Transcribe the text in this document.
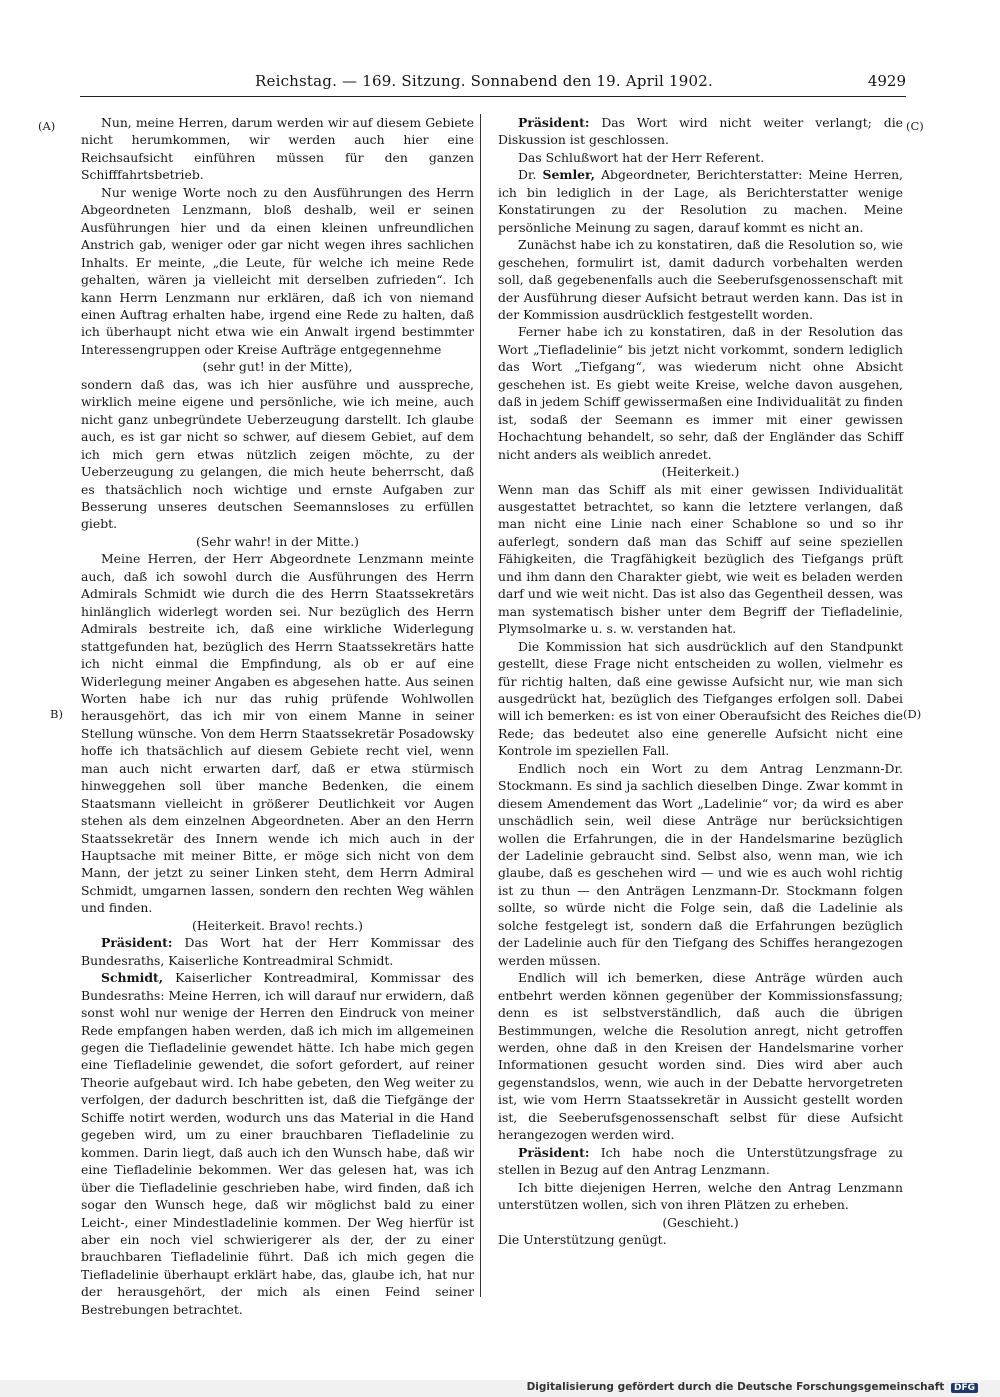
Reichstag. — 169. Sitzung. Sonnabend den 19. April 1902.	4929
(A)
B)
(C)
(D)

Nun, meine Herren, darum werden wir auf diesem Gebiete nicht herumkommen, wir werden auch hier eine Reichsaufsicht einführen müssen für den ganzen Schifffahrtsbetrieb.

Nur wenige Worte noch zu den Ausführungen des Herrn Abgeordneten Lenzmann, bloß deshalb, weil er seinen Ausführungen hier und da einen kleinen unfreundlichen Anstrich gab, weniger oder gar nicht wegen ihres sachlichen Inhalts. Er meinte, „die Leute, für welche ich meine Rede gehalten, wären ja vielleicht mit derselben zufrieden“. Ich kann Herrn Lenzmann nur erklären, daß ich von niemand einen Auftrag erhalten habe, irgend eine Rede zu halten, daß ich überhaupt nicht etwa wie ein Anwalt irgend bestimmter Interessengruppen oder Kreise Aufträge entgegennehme

(sehr gut! in der Mitte),

sondern daß das, was ich hier ausführe und ausspreche, wirklich meine eigene und persönliche, wie ich meine, auch nicht ganz unbegründete Ueberzeugung darstellt. Ich glaube auch, es ist gar nicht so schwer, auf diesem Gebiet, auf dem ich mich gern etwas nützlich zeigen möchte, zu der Ueberzeugung zu gelangen, die mich heute beherrscht, daß es thatsächlich noch wichtige und ernste Aufgaben zur Besserung unseres deutschen Seemannsloses zu erfüllen giebt.

(Sehr wahr! in der Mitte.)

Meine Herren, der Herr Abgeordnete Lenzmann meinte auch, daß ich sowohl durch die Ausführungen des Herrn Admirals Schmidt wie durch die des Herrn Staatssekretärs hinlänglich widerlegt worden sei. Nur bezüglich des Herrn Admirals bestreite ich, daß eine wirkliche Widerlegung stattgefunden hat, bezüglich des Herrn Staatssekretärs hatte ich nicht einmal die Empfindung, als ob er auf eine Widerlegung meiner Angaben es abgesehen hatte. Aus seinen Worten habe ich nur das ruhig prüfende Wohlwollen herausgehört, das ich mir von einem Manne in seiner Stellung wünsche. Von dem Herrn Staatssekretär Posadowsky hoffe ich thatsächlich auf diesem Gebiete recht viel, wenn man auch nicht erwarten darf, daß er etwa stürmisch hinweggehen soll über manche Bedenken, die einem Staatsmann vielleicht in größerer Deutlichkeit vor Augen stehen als dem einzelnen Abgeordneten. Aber an den Herrn Staatssekretär des Innern wende ich mich auch in der Hauptsache mit meiner Bitte, er möge sich nicht von dem Mann, der jetzt zu seiner Linken steht, dem Herrn Admiral Schmidt, umgarnen lassen, sondern den rechten Weg wählen und finden.

(Heiterkeit. Bravo! rechts.)

Präsident: Das Wort hat der Herr Kommissar des Bundesraths, Kaiserliche Kontreadmiral Schmidt.

Schmidt, Kaiserlicher Kontreadmiral, Kommissar des Bundesraths: Meine Herren, ich will darauf nur erwidern, daß sonst wohl nur wenige der Herren den Eindruck von meiner Rede empfangen haben werden, daß ich mich im allgemeinen gegen die Tiefladelinie gewendet hätte. Ich habe mich gegen eine Tiefladelinie gewendet, die sofort gefordert, auf reiner Theorie aufgebaut wird. Ich habe gebeten, den Weg weiter zu verfolgen, der dadurch beschritten ist, daß die Tiefgänge der Schiffe notirt werden, wodurch uns das Material in die Hand gegeben wird, um zu einer brauchbaren Tiefladelinie zu kommen. Darin liegt, daß auch ich den Wunsch habe, daß wir eine Tiefladelinie bekommen. Wer das gelesen hat, was ich über die Tiefladelinie geschrieben habe, wird finden, daß ich sogar den Wunsch hege, daß wir möglichst bald zu einer Leicht-, einer Mindestladelinie kommen. Der Weg hierfür ist aber ein noch viel schwierigerer als der, der zu einer brauchbaren Tiefladelinie führt. Daß ich mich gegen die Tiefladelinie überhaupt erklärt habe, das, glaube ich, hat nur der herausgehört, der mich als einen Feind seiner Bestrebungen betrachtet.

Präsident: Das Wort wird nicht weiter verlangt; die Diskussion ist geschlossen.

Das Schlußwort hat der Herr Referent.

Dr. Semler, Abgeordneter, Berichterstatter: Meine Herren, ich bin lediglich in der Lage, als Berichterstatter wenige Konstatirungen zu der Resolution zu machen. Meine persönliche Meinung zu sagen, darauf kommt es nicht an.

Zunächst habe ich zu konstatiren, daß die Resolution so, wie geschehen, formulirt ist, damit dadurch vorbehalten werden soll, daß gegebenenfalls auch die Seeberufsgenossenschaft mit der Ausführung dieser Aufsicht betraut werden kann. Das ist in der Kommission ausdrücklich festgestellt worden.

Ferner habe ich zu konstatiren, daß in der Resolution das Wort „Tiefladelinie“ bis jetzt nicht vorkommt, sondern lediglich das Wort „Tiefgang“, was wiederum nicht ohne Absicht geschehen ist. Es giebt weite Kreise, welche davon ausgehen, daß in jedem Schiff gewissermaßen eine Individualität zu finden ist, sodaß der Seemann es immer mit einer gewissen Hochachtung behandelt, so sehr, daß der Engländer das Schiff nicht anders als weiblich anredet.

(Heiterkeit.)

Wenn man das Schiff als mit einer gewissen Individualität ausgestattet betrachtet, so kann die letztere verlangen, daß man nicht eine Linie nach einer Schablone so und so ihr auferlegt, sondern daß man das Schiff auf seine speziellen Fähigkeiten, die Tragfähigkeit bezüglich des Tiefgangs prüft und ihm dann den Charakter giebt, wie weit es beladen werden darf und wie weit nicht. Das ist also das Gegentheil dessen, was man systematisch bisher unter dem Begriff der Tiefladelinie, Plymsolmarke u. s. w. verstanden hat.

Die Kommission hat sich ausdrücklich auf den Standpunkt gestellt, diese Frage nicht entscheiden zu wollen, vielmehr es für richtig halten, daß eine gewisse Aufsicht nur, wie man sich ausgedrückt hat, bezüglich des Tiefganges erfolgen soll. Dabei will ich bemerken: es ist von einer Oberaufsicht des Reiches die Rede; das bedeutet also eine generelle Aufsicht nicht eine Kontrole im speziellen Fall.

Endlich noch ein Wort zu dem Antrag Lenzmann-Dr. Stockmann. Es sind ja sachlich dieselben Dinge. Zwar kommt in diesem Amendement das Wort „Ladelinie“ vor; da wird es aber unschädlich sein, weil diese Anträge nur berücksichtigen wollen die Erfahrungen, die in der Handelsmarine bezüglich der Ladelinie gebraucht sind. Selbst also, wenn man, wie ich glaube, daß es geschehen wird — und wie es auch wohl richtig ist zu thun — den Anträgen Lenzmann-Dr. Stockmann folgen sollte, so würde nicht die Folge sein, daß die Ladelinie als solche festgelegt ist, sondern daß die Erfahrungen bezüglich der Ladelinie auch für den Tiefgang des Schiffes herangezogen werden müssen.

Endlich will ich bemerken, diese Anträge würden auch entbehrt werden können gegenüber der Kommissionsfassung; denn es ist selbstverständlich, daß auch die übrigen Bestimmungen, welche die Resolution anregt, nicht getroffen werden, ohne daß in den Kreisen der Handelsmarine vorher Informationen gesucht worden sind. Dies wird aber auch gegenstandslos, wenn, wie auch in der Debatte hervorgetreten ist, wie vom Herrn Staatssekretär in Aussicht gestellt worden ist, die Seeberufsgenossenschaft selbst für diese Aufsicht herangezogen werden wird.

Präsident: Ich habe noch die Unterstützungsfrage zu stellen in Bezug auf den Antrag Lenzmann.

Ich bitte diejenigen Herren, welche den Antrag Lenzmann unterstützen wollen, sich von ihren Plätzen zu erheben.

(Geschieht.)

Die Unterstützung genügt.

Digitalisierung gefördert durch die Deutsche Forschungsgemeinschaft DFG
